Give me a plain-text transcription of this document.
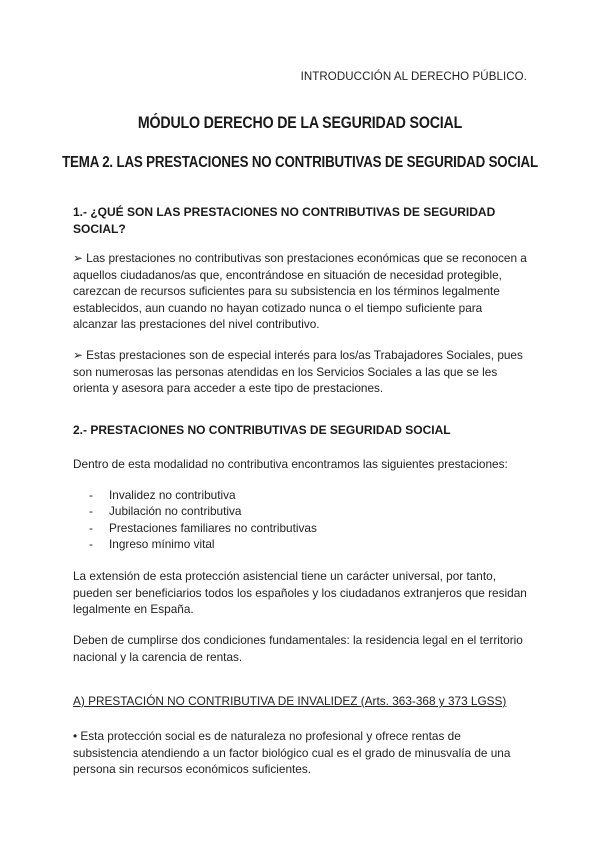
INTRODUCCIÓN AL DERECHO PÚBLICO.
MÓDULO DERECHO DE LA SEGURIDAD SOCIAL
TEMA 2. LAS PRESTACIONES NO CONTRIBUTIVAS DE SEGURIDAD SOCIAL
1.- ¿QUÉ SON LAS PRESTACIONES NO CONTRIBUTIVAS DE SEGURIDAD SOCIAL?
➢ Las prestaciones no contributivas son prestaciones económicas que se reconocen a aquellos ciudadanos/as que, encontrándose en situación de necesidad protegible, carezcan de recursos suficientes para su subsistencia en los términos legalmente establecidos, aun cuando no hayan cotizado nunca o el tiempo suficiente para alcanzar las prestaciones del nivel contributivo.
➢ Estas prestaciones son de especial interés para los/as Trabajadores Sociales, pues son numerosas las personas atendidas en los Servicios Sociales a las que se les orienta y asesora para acceder a este tipo de prestaciones.
2.- PRESTACIONES NO CONTRIBUTIVAS DE SEGURIDAD SOCIAL
Dentro de esta modalidad no contributiva encontramos las siguientes prestaciones:
- Invalidez no contributiva
- Jubilación no contributiva
- Prestaciones familiares no contributivas
- Ingreso mínimo vital
La extensión de esta protección asistencial tiene un carácter universal, por tanto, pueden ser beneficiarios todos los españoles y los ciudadanos extranjeros que residan legalmente en España.
Deben de cumplirse dos condiciones fundamentales: la residencia legal en el territorio nacional y la carencia de rentas.
A) PRESTACIÓN NO CONTRIBUTIVA DE INVALIDEZ (Arts. 363-368 y 373 LGSS)
• Esta protección social es de naturaleza no profesional y ofrece rentas de subsistencia atendiendo a un factor biológico cual es el grado de minusvalía de una persona sin recursos económicos suficientes.
